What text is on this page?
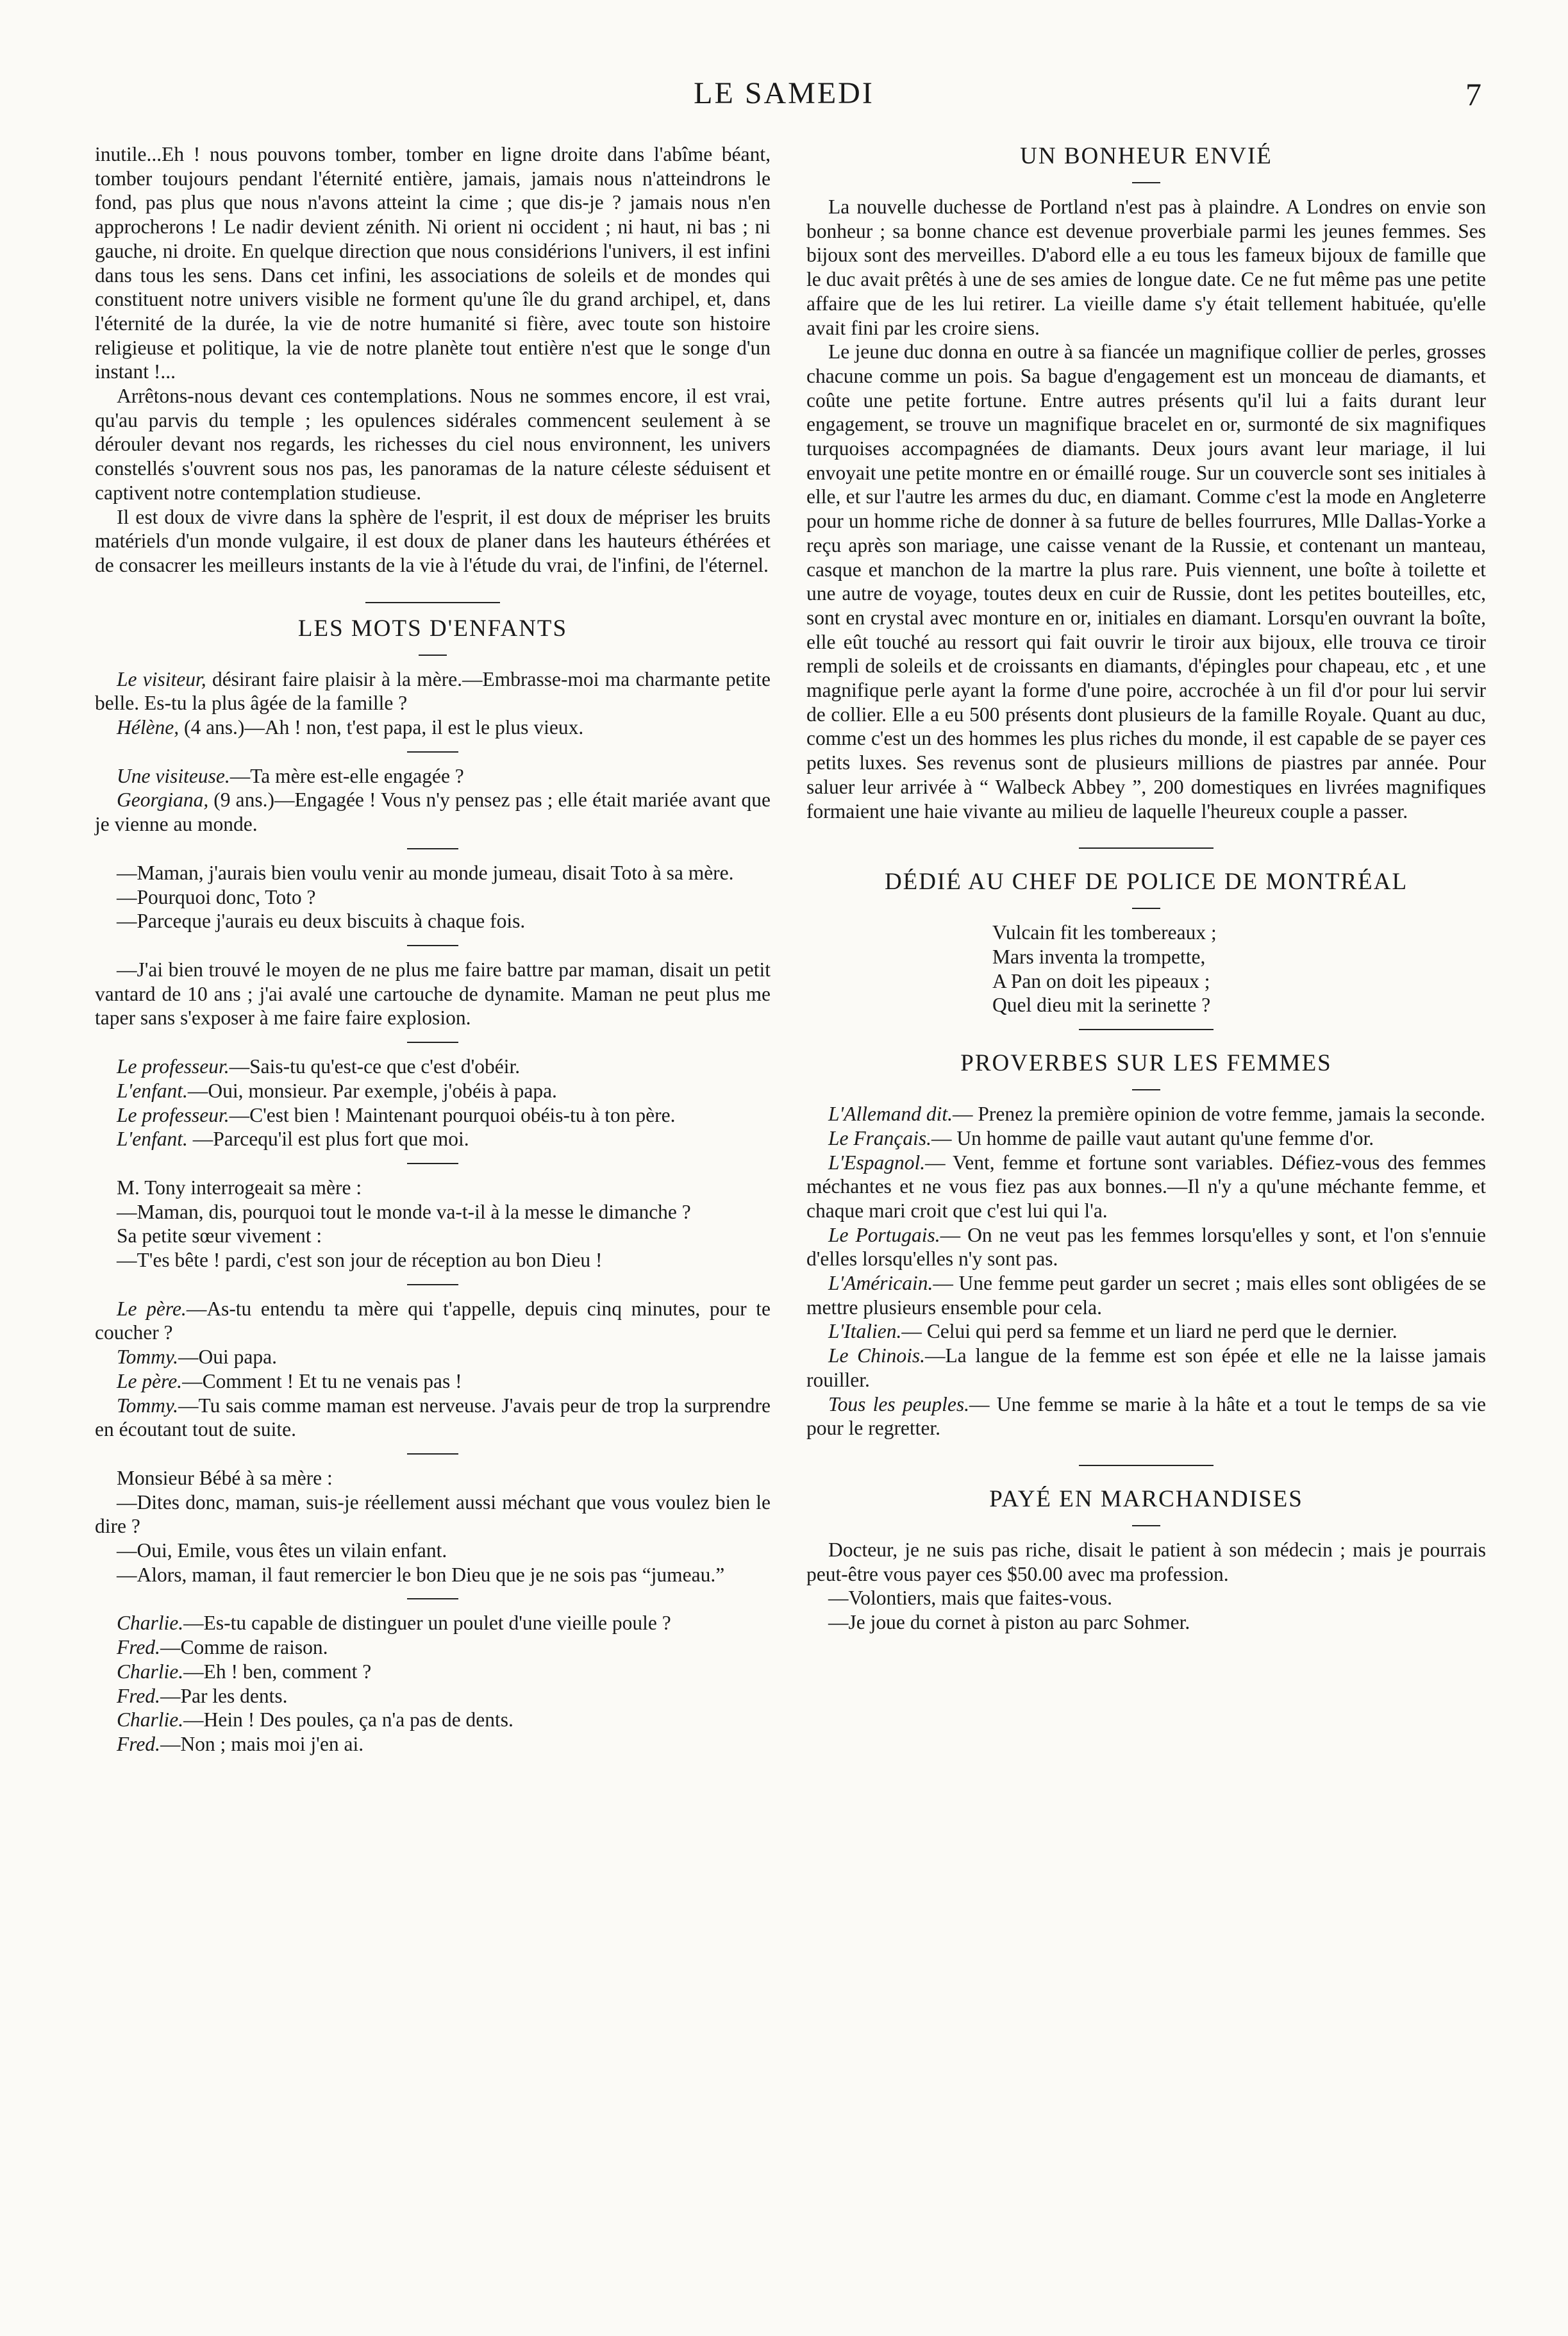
LE SAMEDI	7

inutile...Eh ! nous pouvons tomber, tomber en ligne droite dans l'abîme béant, tomber toujours pendant l'éternité entière, jamais, jamais nous n'atteindrons le fond, pas plus que nous n'avons atteint la cime ; que dis-je ? jamais nous n'en approcherons ! Le nadir devient zénith. Ni orient ni occident ; ni haut, ni bas ; ni gauche, ni droite. En quelque direction que nous considérions l'univers, il est infini dans tous les sens. Dans cet infini, les associations de soleils et de mondes qui constituent notre univers visible ne forment qu'une île du grand archipel, et, dans l'éternité de la durée, la vie de notre humanité si fière, avec toute son histoire religieuse et politique, la vie de notre planète tout entière n'est que le songe d'un instant !...

Arrêtons-nous devant ces contemplations. Nous ne sommes encore, il est vrai, qu'au parvis du temple ; les opulences sidérales commencent seulement à se dérouler devant nos regards, les richesses du ciel nous environnent, les univers constellés s'ouvrent sous nos pas, les panoramas de la nature céleste séduisent et captivent notre contemplation studieuse.

Il est doux de vivre dans la sphère de l'esprit, il est doux de mépriser les bruits matériels d'un monde vulgaire, il est doux de planer dans les hauteurs éthérées et de consacrer les meilleurs instants de la vie à l'étude du vrai, de l'infini, de l'éternel.

LES MOTS D'ENFANTS

Le visiteur, désirant faire plaisir à la mère.—Embrasse-moi ma charmante petite belle. Es-tu la plus âgée de la famille ?

Hélène, (4 ans.)—Ah ! non, t'est papa, il est le plus vieux.

Une visiteuse.—Ta mère est-elle engagée ?

Georgiana, (9 ans.)—Engagée ! Vous n'y pensez pas ; elle était mariée avant que je vienne au monde.

—Maman, j'aurais bien voulu venir au monde jumeau, disait Toto à sa mère.

—Pourquoi donc, Toto ?

—Parceque j'aurais eu deux biscuits à chaque fois.

—J'ai bien trouvé le moyen de ne plus me faire battre par maman, disait un petit vantard de 10 ans ; j'ai avalé une cartouche de dynamite. Maman ne peut plus me taper sans s'exposer à me faire faire explosion.

Le professeur.—Sais-tu qu'est-ce que c'est d'obéir.

L'enfant.—Oui, monsieur. Par exemple, j'obéis à papa.

Le professeur.—C'est bien ! Maintenant pourquoi obéis-tu à ton père.

L'enfant. —Parcequ'il est plus fort que moi.

M. Tony interrogeait sa mère :

—Maman, dis, pourquoi tout le monde va-t-il à la messe le dimanche ?

Sa petite sœur vivement :

—T'es bête ! pardi, c'est son jour de réception au bon Dieu !

Le père.—As-tu entendu ta mère qui t'appelle, depuis cinq minutes, pour te coucher ?

Tommy.—Oui papa.

Le père.—Comment ! Et tu ne venais pas !

Tommy.—Tu sais comme maman est nerveuse. J'avais peur de trop la surprendre en écoutant tout de suite.

Monsieur Bébé à sa mère :

—Dites donc, maman, suis-je réellement aussi méchant que vous voulez bien le dire ?

—Oui, Emile, vous êtes un vilain enfant.

—Alors, maman, il faut remercier le bon Dieu que je ne sois pas “jumeau.”

Charlie.—Es-tu capable de distinguer un poulet d'une vieille poule ?

Fred.—Comme de raison.

Charlie.—Eh ! ben, comment ?

Fred.—Par les dents.

Charlie.—Hein ! Des poules, ça n'a pas de dents.

Fred.—Non ; mais moi j'en ai.

UN BONHEUR ENVIÉ

La nouvelle duchesse de Portland n'est pas à plaindre. A Londres on envie son bonheur ; sa bonne chance est devenue proverbiale parmi les jeunes femmes. Ses bijoux sont des merveilles. D'abord elle a eu tous les fameux bijoux de famille que le duc avait prêtés à une de ses amies de longue date. Ce ne fut même pas une petite affaire que de les lui retirer. La vieille dame s'y était tellement habituée, qu'elle avait fini par les croire siens.

Le jeune duc donna en outre à sa fiancée un magnifique collier de perles, grosses chacune comme un pois. Sa bague d'engagement est un monceau de diamants, et coûte une petite fortune. Entre autres présents qu'il lui a faits durant leur engagement, se trouve un magnifique bracelet en or, surmonté de six magnifiques turquoises accompagnées de diamants. Deux jours avant leur mariage, il lui envoyait une petite montre en or émaillé rouge. Sur un couvercle sont ses initiales à elle, et sur l'autre les armes du duc, en diamant. Comme c'est la mode en Angleterre pour un homme riche de donner à sa future de belles fourrures, Mlle Dallas-Yorke a reçu après son mariage, une caisse venant de la Russie, et contenant un manteau, casque et manchon de la martre la plus rare. Puis viennent, une boîte à toilette et une autre de voyage, toutes deux en cuir de Russie, dont les petites bouteilles, etc, sont en crystal avec monture en or, initiales en diamant. Lorsqu'en ouvrant la boîte, elle eût touché au ressort qui fait ouvrir le tiroir aux bijoux, elle trouva ce tiroir rempli de soleils et de croissants en diamants, d'épingles pour chapeau, etc , et une magnifique perle ayant la forme d'une poire, accrochée à un fil d'or pour lui servir de collier. Elle a eu 500 présents dont plusieurs de la famille Royale. Quant au duc, comme c'est un des hommes les plus riches du monde, il est capable de se payer ces petits luxes. Ses revenus sont de plusieurs millions de piastres par année. Pour saluer leur arrivée à “ Walbeck Abbey ”, 200 domestiques en livrées magnifiques formaient une haie vivante au milieu de laquelle l'heureux couple a passer.

DÉDIÉ AU CHEF DE POLICE DE MONTRÉAL
Vulcain fit les tombereaux ;
Mars inventa la trompette,
A Pan on doit les pipeaux ;
Quel dieu mit la serinette ?
PROVERBES SUR LES FEMMES

L'Allemand dit.— Prenez la première opinion de votre femme, jamais la seconde.

Le Français.— Un homme de paille vaut autant qu'une femme d'or.

L'Espagnol.— Vent, femme et fortune sont variables. Défiez-vous des femmes méchantes et ne vous fiez pas aux bonnes.—Il n'y a qu'une méchante femme, et chaque mari croit que c'est lui qui l'a.

Le Portugais.— On ne veut pas les femmes lorsqu'elles y sont, et l'on s'ennuie d'elles lorsqu'elles n'y sont pas.

L'Américain.— Une femme peut garder un secret ; mais elles sont obligées de se mettre plusieurs ensemble pour cela.

L'Italien.— Celui qui perd sa femme et un liard ne perd que le dernier.

Le Chinois.—La langue de la femme est son épée et elle ne la laisse jamais rouiller.

Tous les peuples.— Une femme se marie à la hâte et a tout le temps de sa vie pour le regretter.

PAYÉ EN MARCHANDISES

Docteur, je ne suis pas riche, disait le patient à son médecin ; mais je pourrais peut-être vous payer ces $50.00 avec ma profession.

—Volontiers, mais que faites-vous.

—Je joue du cornet à piston au parc Sohmer.
